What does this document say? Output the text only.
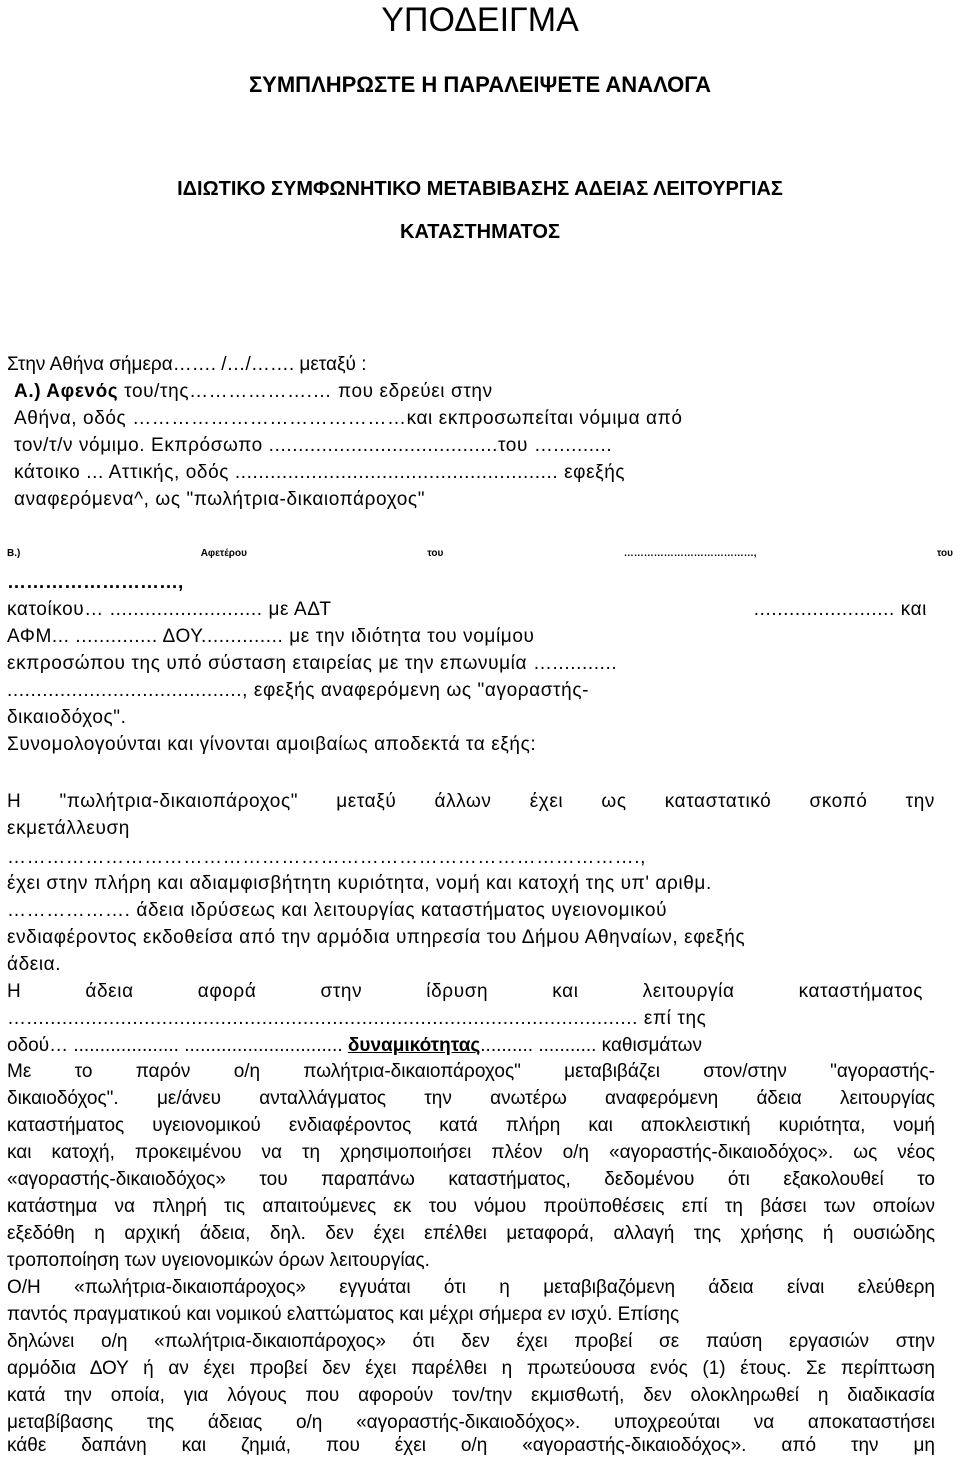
ΥΠΟΔΕΙΓΜΑ
ΣΥΜΠΛΗΡΩΣΤΕ Η ΠΑΡΑΛΕΙΨΕΤΕ ΑΝΑΛΟΓΑ
ΙΔΙΩΤΙΚΟ ΣΥΜΦΩΝΗΤΙΚΟ ΜΕΤΑΒΙΒΑΣΗΣ ΑΔΕΙΑΣ ΛΕΙΤΟΥΡΓΙΑΣ
ΚΑΤΑΣΤΗΜΑΤΟΣ
Στην Αθήνα σήμερα……. /…/……. μεταξύ :
Α.) Αφενός του/της……………….… που εδρεύει στην
Αθήνα, οδός ……………………………………και εκπροσωπείται νόμιμα από
τον/τ/ν νόμιμο. Εκπρόσωπο .......................................του …..........
κάτοικο ... Αττικής, οδός ....................................................... εφεξής
αναφερόμενα^, ως "πωλήτρια-δικαιοπάροχος"
Β.)	Αφετέρου	του	…………………………………,	του
………………………,
κατοίκου… .......................... με ΑΔΤ	........................ και
ΑΦΜ... .............. ΔΟΥ.............. με την ιδιότητα του νομίμου
εκπροσώπου της υπό σύσταση εταιρείας με την επωνυμία …...........
........................................, εφεξής αναφερόμενη ως "αγοραστής-
δικαιοδόχος".
Συνομολογούνται και γίνονται αμοιβαίως αποδεκτά τα εξής:
Η "πωλήτρια-δικαιοπάροχος" μεταξύ άλλων έχει ως καταστατικό σκοπό την
εκμετάλλευση
…………………………………………………………………………………….,
έχει στην πλήρη και αδιαμφισβήτητη κυριότητα, νομή και κατοχή της υπ' αριθμ.
………………. άδεια ιδρύσεως και λειτουργίας καταστήματος υγειονομικού
ενδιαφέροντος εκδοθείσα από την αρμόδια υπηρεσία του Δήμου Αθηναίων, εφεξής
άδεια.
Η άδεια αφορά στην ίδρυση και λειτουργία καταστήματος
…........................................................................................................ επί της
οδού… .................... .............................. δυναμικότητας.......... ........... καθισμάτων
Με το παρόν ο/η πωλήτρια-δικαιοπάροχος" μεταβιβάζει στον/στην "αγοραστής-
δικαιοδόχος". με/άνευ ανταλλάγματος την ανωτέρω αναφερόμενη άδεια λειτουργίας
καταστήματος υγειονομικού ενδιαφέροντος κατά πλήρη και αποκλειστική κυριότητα, νομή
και κατοχή, προκειμένου να τη χρησιμοποιήσει πλέον ο/η «αγοραστής-δικαιοδόχος». ως νέος
«αγοραστής-δικαιοδόχος» του παραπάνω καταστήματος, δεδομένου ότι εξακολουθεί το
κατάστημα να πληρή τις απαιτούμενες εκ του νόμου προϋποθέσεις επί τη βάσει των οποίων
εξεδόθη η αρχική άδεια, δηλ. δεν έχει επέλθει μεταφορά, αλλαγή της χρήσης ή ουσιώδης
τροποποίηση των υγειονομικών όρων λειτουργίας.
Ο/Η «πωλήτρια-δικαιοπάροχος» εγγυάται ότι η μεταβιβαζόμενη άδεια είναι ελεύθερη
παντός πραγματικού και νομικού ελαττώματος και μέχρι σήμερα εν ισχύ. Επίσης
δηλώνει ο/η «πωλήτρια-δικαιοπάροχος» ότι δεν έχει προβεί σε παύση εργασιών στην
αρμόδια ΔΟΥ ή αν έχει προβεί δεν έχει παρέλθει η πρωτεύουσα ενός (1) έτους. Σε περίπτωση
κατά την οποία, για λόγους που αφορούν τον/την εκμισθωτή, δεν ολοκληρωθεί η διαδικασία
μεταβίβασης της άδειας ο/η «αγοραστής-δικαιοδόχος». υποχρεούται να αποκαταστήσει
κάθε δαπάνη και ζημιά, που έχει ο/η «αγοραστής-δικαιοδόχος». από την μη
